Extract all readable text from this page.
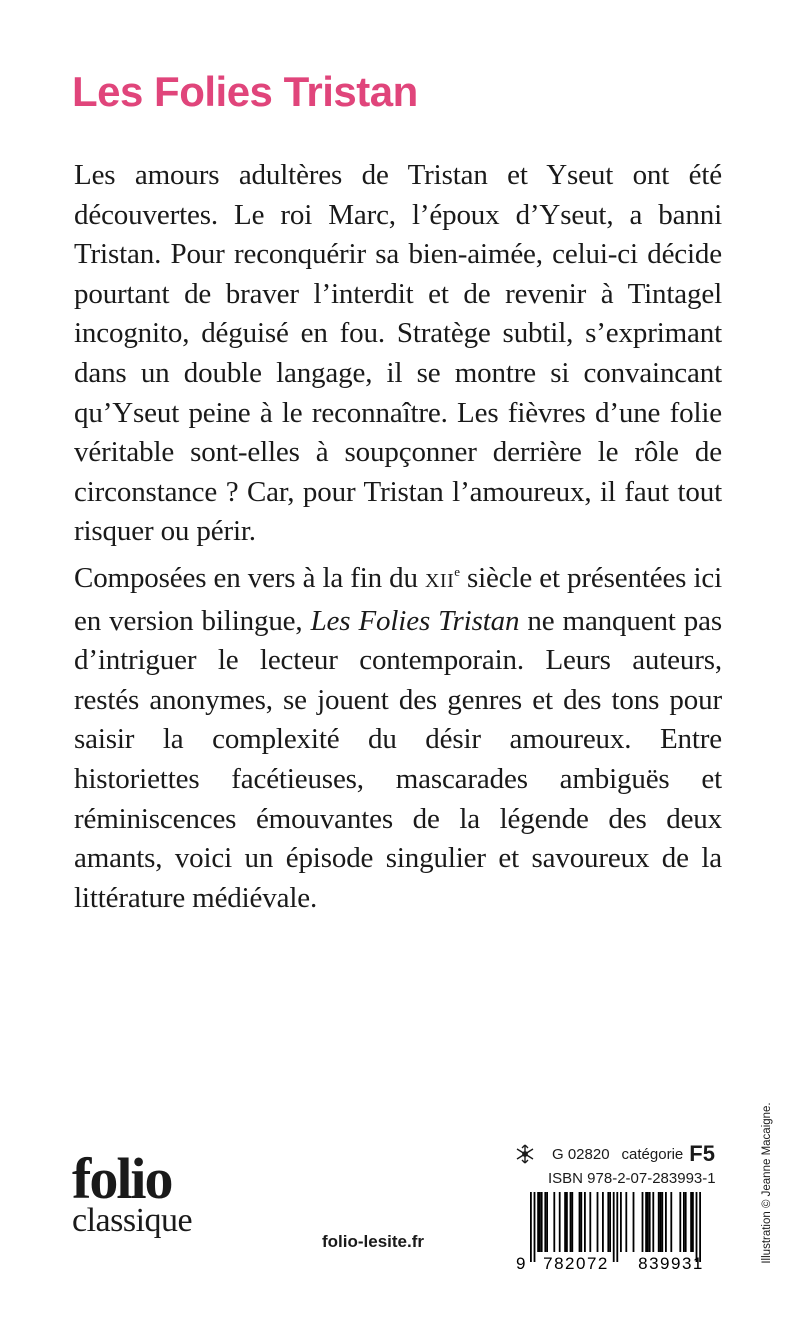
Les Folies Tristan

Les amours adultères de Tristan et Yseut ont été découvertes. Le roi Marc, l’époux d’Yseut, a banni Tristan. Pour reconquérir sa bien-aimée, celui-ci décide pourtant de braver l’interdit et de revenir à Tintagel incognito, déguisé en fou. Stratège subtil, s’exprimant dans un double langage, il se montre si convaincant qu’Yseut peine à le reconnaître. Les fièvres d’une folie véritable sont-elles à soupçonner derrière le rôle de circonstance ? Car, pour Tristan l’amoureux, il faut tout risquer ou périr.

Composées en vers à la fin du XIIe siècle et présentées ici en version bilingue, Les Folies Tristan ne manquent pas d’intriguer le lecteur contemporain. Leurs auteurs, restés anonymes, se jouent des genres et des tons pour saisir la complexité du désir amoureux. Entre historiettes facétieuses, mascarades ambiguës et réminiscences émouvantes de la légende des deux amants, voici un épisode singulier et savoureux de la littérature médiévale.

folio
classique
folio-lesite.fr
G 02820 catégorie F5
ISBN 978-2-07-283993-1
9 782072 839931
Illustration © Jeanne Macaigne.
